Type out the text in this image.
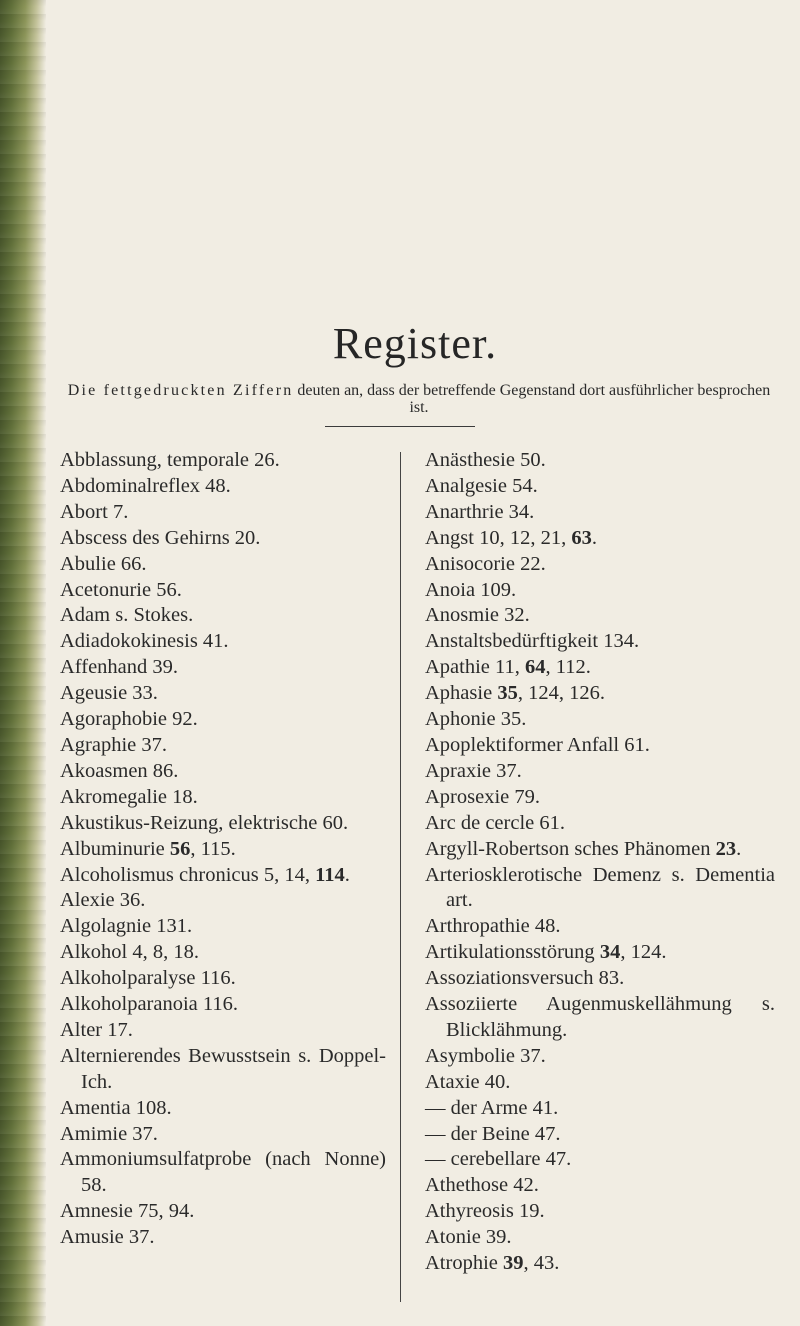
Register.
Die fettgedruckten Ziffern deuten an, dass der betreffende Gegenstand dort ausführlicher besprochen ist.

Abblassung, temporale 26.

Abdominalreflex 48.

Abort 7.

Abscess des Gehirns 20.

Abulie 66.

Acetonurie 56.

Adam s. Stokes.

Adiadokokinesis 41.

Affenhand 39.

Ageusie 33.

Agoraphobie 92.

Agraphie 37.

Akoasmen 86.

Akromegalie 18.

Akustikus-Reizung, elektrische 60.

Albuminurie 56, 115.

Alcoholismus chronicus 5, 14, 114.

Alexie 36.

Algolagnie 131.

Alkohol 4, 8, 18.

Alkoholparalyse 116.

Alkoholparanoia 116.

Alter 17.

Alternierendes Bewusstsein s. Doppel-Ich.

Amentia 108.

Amimie 37.

Ammoniumsulfatprobe (nach Nonne) 58.

Amnesie 75, 94.

Amusie 37.

Anästhesie 50.

Analgesie 54.

Anarthrie 34.

Angst 10, 12, 21, 63.

Anisocorie 22.

Anoia 109.

Anosmie 32.

Anstaltsbedürftigkeit 134.

Apathie 11, 64, 112.

Aphasie 35, 124, 126.

Aphonie 35.

Apoplektiformer Anfall 61.

Apraxie 37.

Aprosexie 79.

Arc de cercle 61.

Argyll-Robertson sches Phänomen 23.

Arteriosklerotische Demenz s. Dementia art.

Arthropathie 48.

Artikulationsstörung 34, 124.

Assoziationsversuch 83.

Assoziierte Augenmuskellähmung s. Blicklähmung.

Asymbolie 37.

Ataxie 40.

— der Arme 41.

— der Beine 47.

— cerebellare 47.

Athethose 42.

Athyreosis 19.

Atonie 39.

Atrophie 39, 43.
